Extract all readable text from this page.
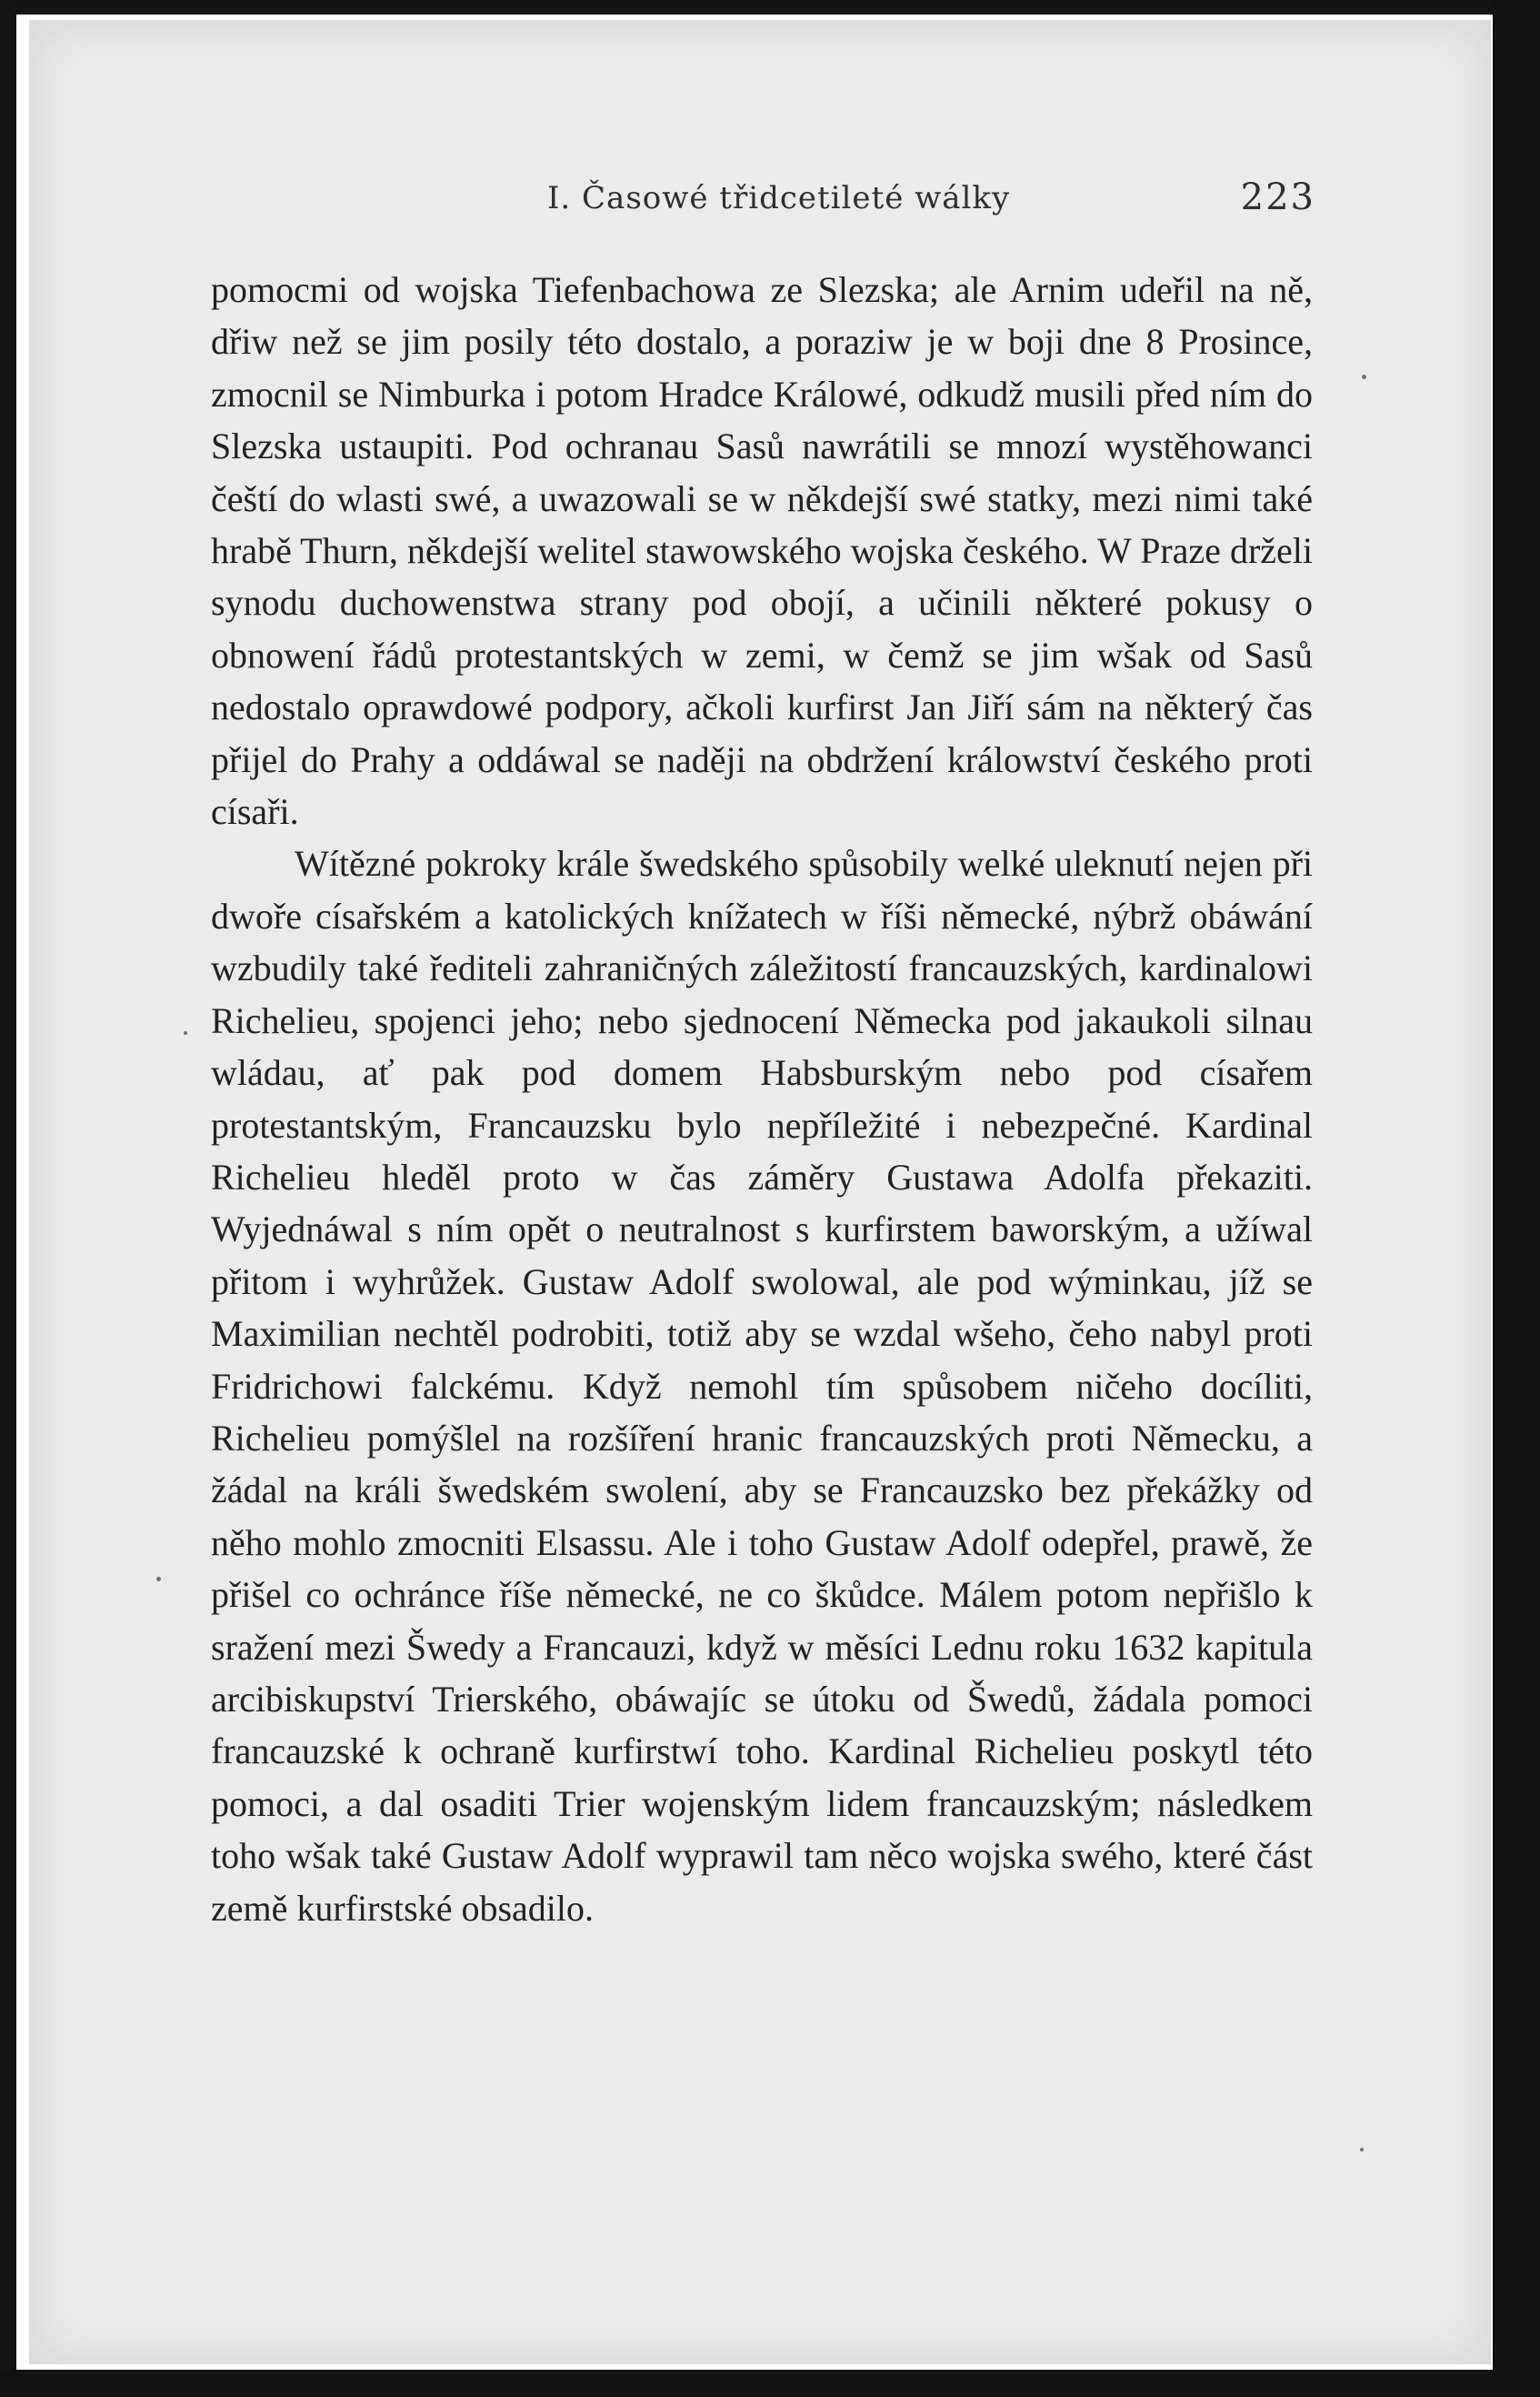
I. Časowé třidcetileté wálky	223

pomocmi od wojska Tiefenbachowa ze Slezska; ale Arnim udeřil na ně, dřiw než se jim posily této dostalo, a poraziw je w boji dne 8 Prosince, zmocnil se Nimburka i potom Hradce Králowé, odkudž musili před ním do Slezska ustaupiti. Pod ochranau Sasů nawrátili se mnozí wystěhowanci čeští do wlasti swé, a uwazowali se w někdejší swé statky, mezi nimi také hrabě Thurn, někdejší welitel stawowského wojska českého. W Praze drželi synodu duchowenstwa strany pod obojí, a učinili některé pokusy o obnowení řádů protestantských w zemi, w čemž se jim wšak od Sasů nedostalo oprawdowé podpory, ačkoli kurfirst Jan Jiří sám na některý čas přijel do Prahy a oddáwal se naději na obdržení králowství českého proti císaři.

Wítězné pokroky krále šwedského spůsobily welké uleknutí nejen při dwoře císařském a katolických knížatech w říši německé, nýbrž obáwání wzbudily také řediteli zahraničných záležitostí francauzských, kardinalowi Richelieu, spojenci jeho; nebo sjednocení Německa pod jakaukoli silnau wládau, ať pak pod domem Habsburským nebo pod císařem protestantským, Francauzsku bylo nepříležité i nebezpečné. Kardinal Richelieu hleděl proto w čas záměry Gustawa Adolfa překaziti. Wyjednáwal s ním opět o neutralnost s kurfirstem baworským, a užíwal přitom i wyhrůžek. Gustaw Adolf swolowal, ale pod wýminkau, jíž se Maximilian nechtěl podrobiti, totiž aby se wzdal wšeho, čeho nabyl proti Fridrichowi falckému. Když nemohl tím spůsobem ničeho docíliti, Richelieu pomýšlel na rozšíření hranic francauzských proti Německu, a žádal na králi šwedském swolení, aby se Francauzsko bez překážky od něho mohlo zmocniti Elsassu. Ale i toho Gustaw Adolf odepřel, prawě, že přišel co ochránce říše německé, ne co škůdce. Málem potom nepřišlo k sražení mezi Šwedy a Francauzi, když w měsíci Lednu roku 1632 kapitula arcibiskupství Trierského, obáwajíc se útoku od Šwedů, žádala pomoci francauzské k ochraně kurfirstwí toho. Kardinal Richelieu poskytl této pomoci, a dal osaditi Trier wojenským lidem francauzským; následkem toho wšak také Gustaw Adolf wyprawil tam něco wojska swého, které část země kurfirstské obsadilo.
